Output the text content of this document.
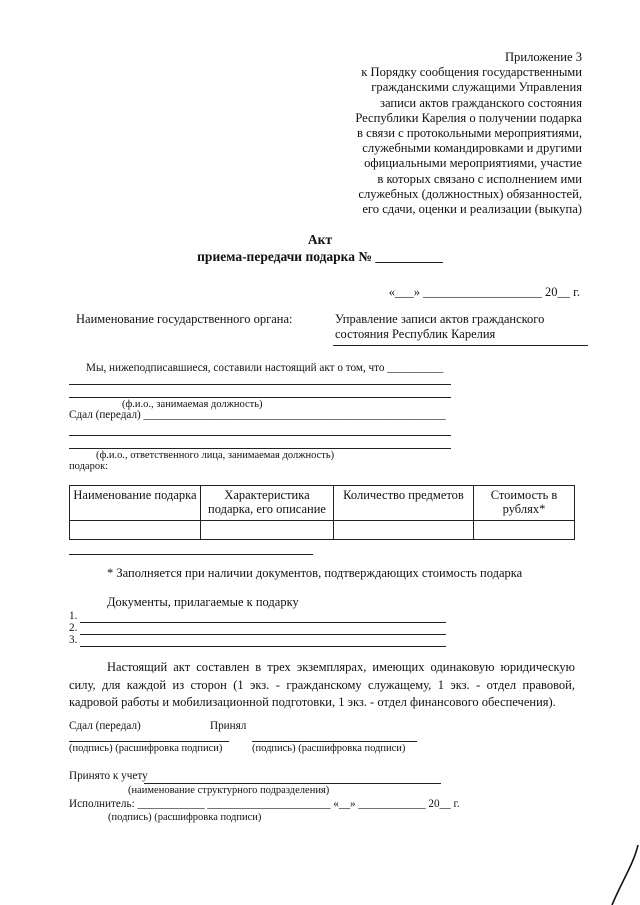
Приложение 3
к Порядку сообщения государственными
гражданскими служащими Управления
записи актов гражданского состояния
Республики Карелия о получении подарка
в связи с протокольными мероприятиями,
служебными командировками и другими
официальными мероприятиями, участие
в которых связано с исполнением ими
служебных (должностных) обязанностей,
его сдачи, оценки и реализации (выкупа)
Акт
приема-передачи подарка № __________
«___» ___________________ 20__ г.
Наименование государственного органа:	Управление записи актов гражданского
состояния Республик Карелия
Мы, нижеподписавшиеся, составили настоящий акт о том, что __________
(ф.и.о., занимаемая должность)
Сдал (передал) ______________________________________________________
(ф.и.о., ответственного лица, занимаемая должность)
подарок:
Наименование подарка	Характеристика подарка, его описание	Количество предметов	Стоимость в рублях*

* Заполняется при наличии документов, подтверждающих стоимость подарка
Документы, прилагаемые к подарку
1.
2.
3.
Настоящий акт составлен в трех экземплярах, имеющих одинаковую юридическую силу, для каждой из сторон (1 экз. - гражданскому служащему, 1 экз. - отдел правовой, кадровой работы и мобилизационной подготовки, 1 экз. - отдел финансового обеспечения).
Сдал (передал)	Принял
(подпись) (расшифровка подписи)	(подпись) (расшифровка подписи)
Принято к учету
(наименование структурного подразделения)
Исполнитель: ____________ ______________________ «__» ____________ 20__ г.
(подпись) (расшифровка подписи)
